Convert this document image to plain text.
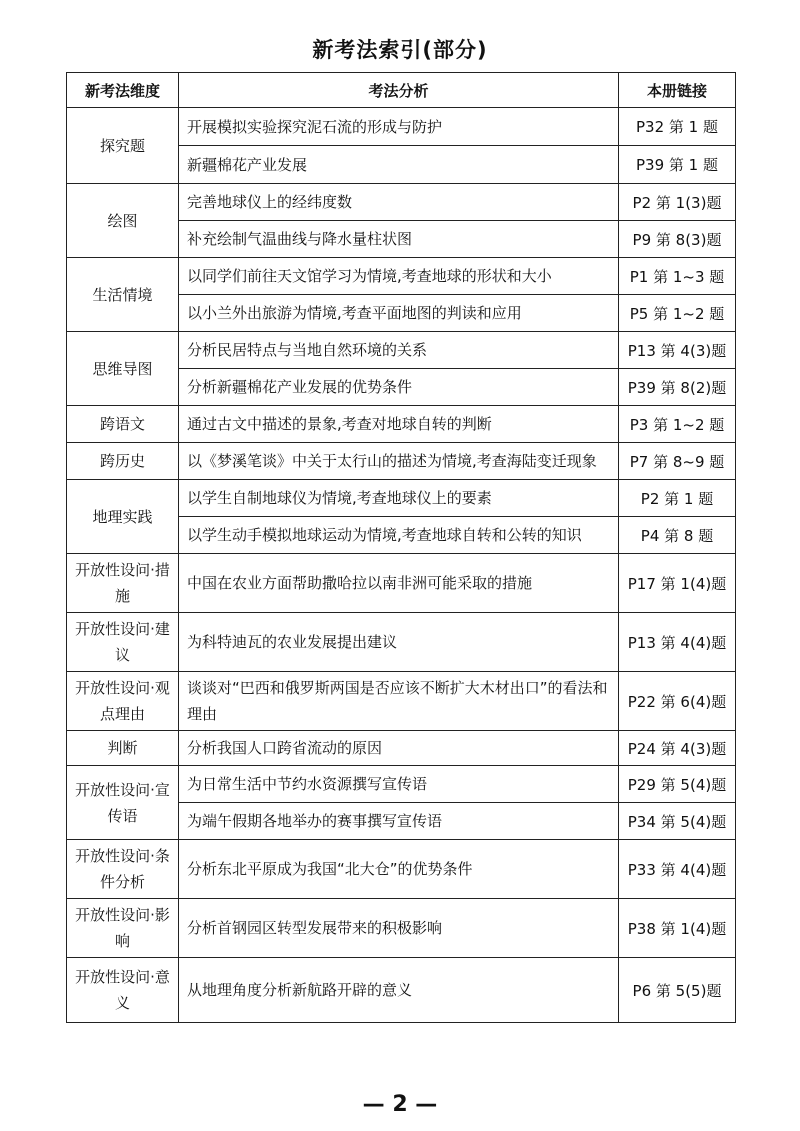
新考法索引(部分)
新考法维度	考法分析	本册链接
探究题	开展模拟实验探究泥石流的形成与防护	P32 第 1 题
	新疆棉花产业发展	P39 第 1 题
绘图	完善地球仪上的经纬度数	P2 第 1(3)题
	补充绘制气温曲线与降水量柱状图	P9 第 8(3)题
生活情境	以同学们前往天文馆学习为情境,考查地球的形状和大小	P1 第 1~3 题
	以小兰外出旅游为情境,考查平面地图的判读和应用	P5 第 1~2 题
思维导图	分析民居特点与当地自然环境的关系	P13 第 4(3)题
	分析新疆棉花产业发展的优势条件	P39 第 8(2)题
跨语文	通过古文中描述的景象,考查对地球自转的判断	P3 第 1~2 题
跨历史	以《梦溪笔谈》中关于太行山的描述为情境,考查海陆变迁现象	P7 第 8~9 题
地理实践	以学生自制地球仪为情境,考查地球仪上的要素	P2 第 1 题
	以学生动手模拟地球运动为情境,考查地球自转和公转的知识	P4 第 8 题
开放性设问·措施	中国在农业方面帮助撒哈拉以南非洲可能采取的措施	P17 第 1(4)题
开放性设问·建议	为科特迪瓦的农业发展提出建议	P13 第 4(4)题
开放性设问·观点理由	谈谈对“巴西和俄罗斯两国是否应该不断扩大木材出口”的看法和理由	P22 第 6(4)题
判断	分析我国人口跨省流动的原因	P24 第 4(3)题
开放性设问·宣传语	为日常生活中节约水资源撰写宣传语	P29 第 5(4)题
	为端午假期各地举办的赛事撰写宣传语	P34 第 5(4)题
开放性设问·条件分析	分析东北平原成为我国“北大仓”的优势条件	P33 第 4(4)题
开放性设问·影响	分析首钢园区转型发展带来的积极影响	P38 第 1(4)题
开放性设问·意义	从地理角度分析新航路开辟的意义	P6 第 5(5)题
— 2 —
